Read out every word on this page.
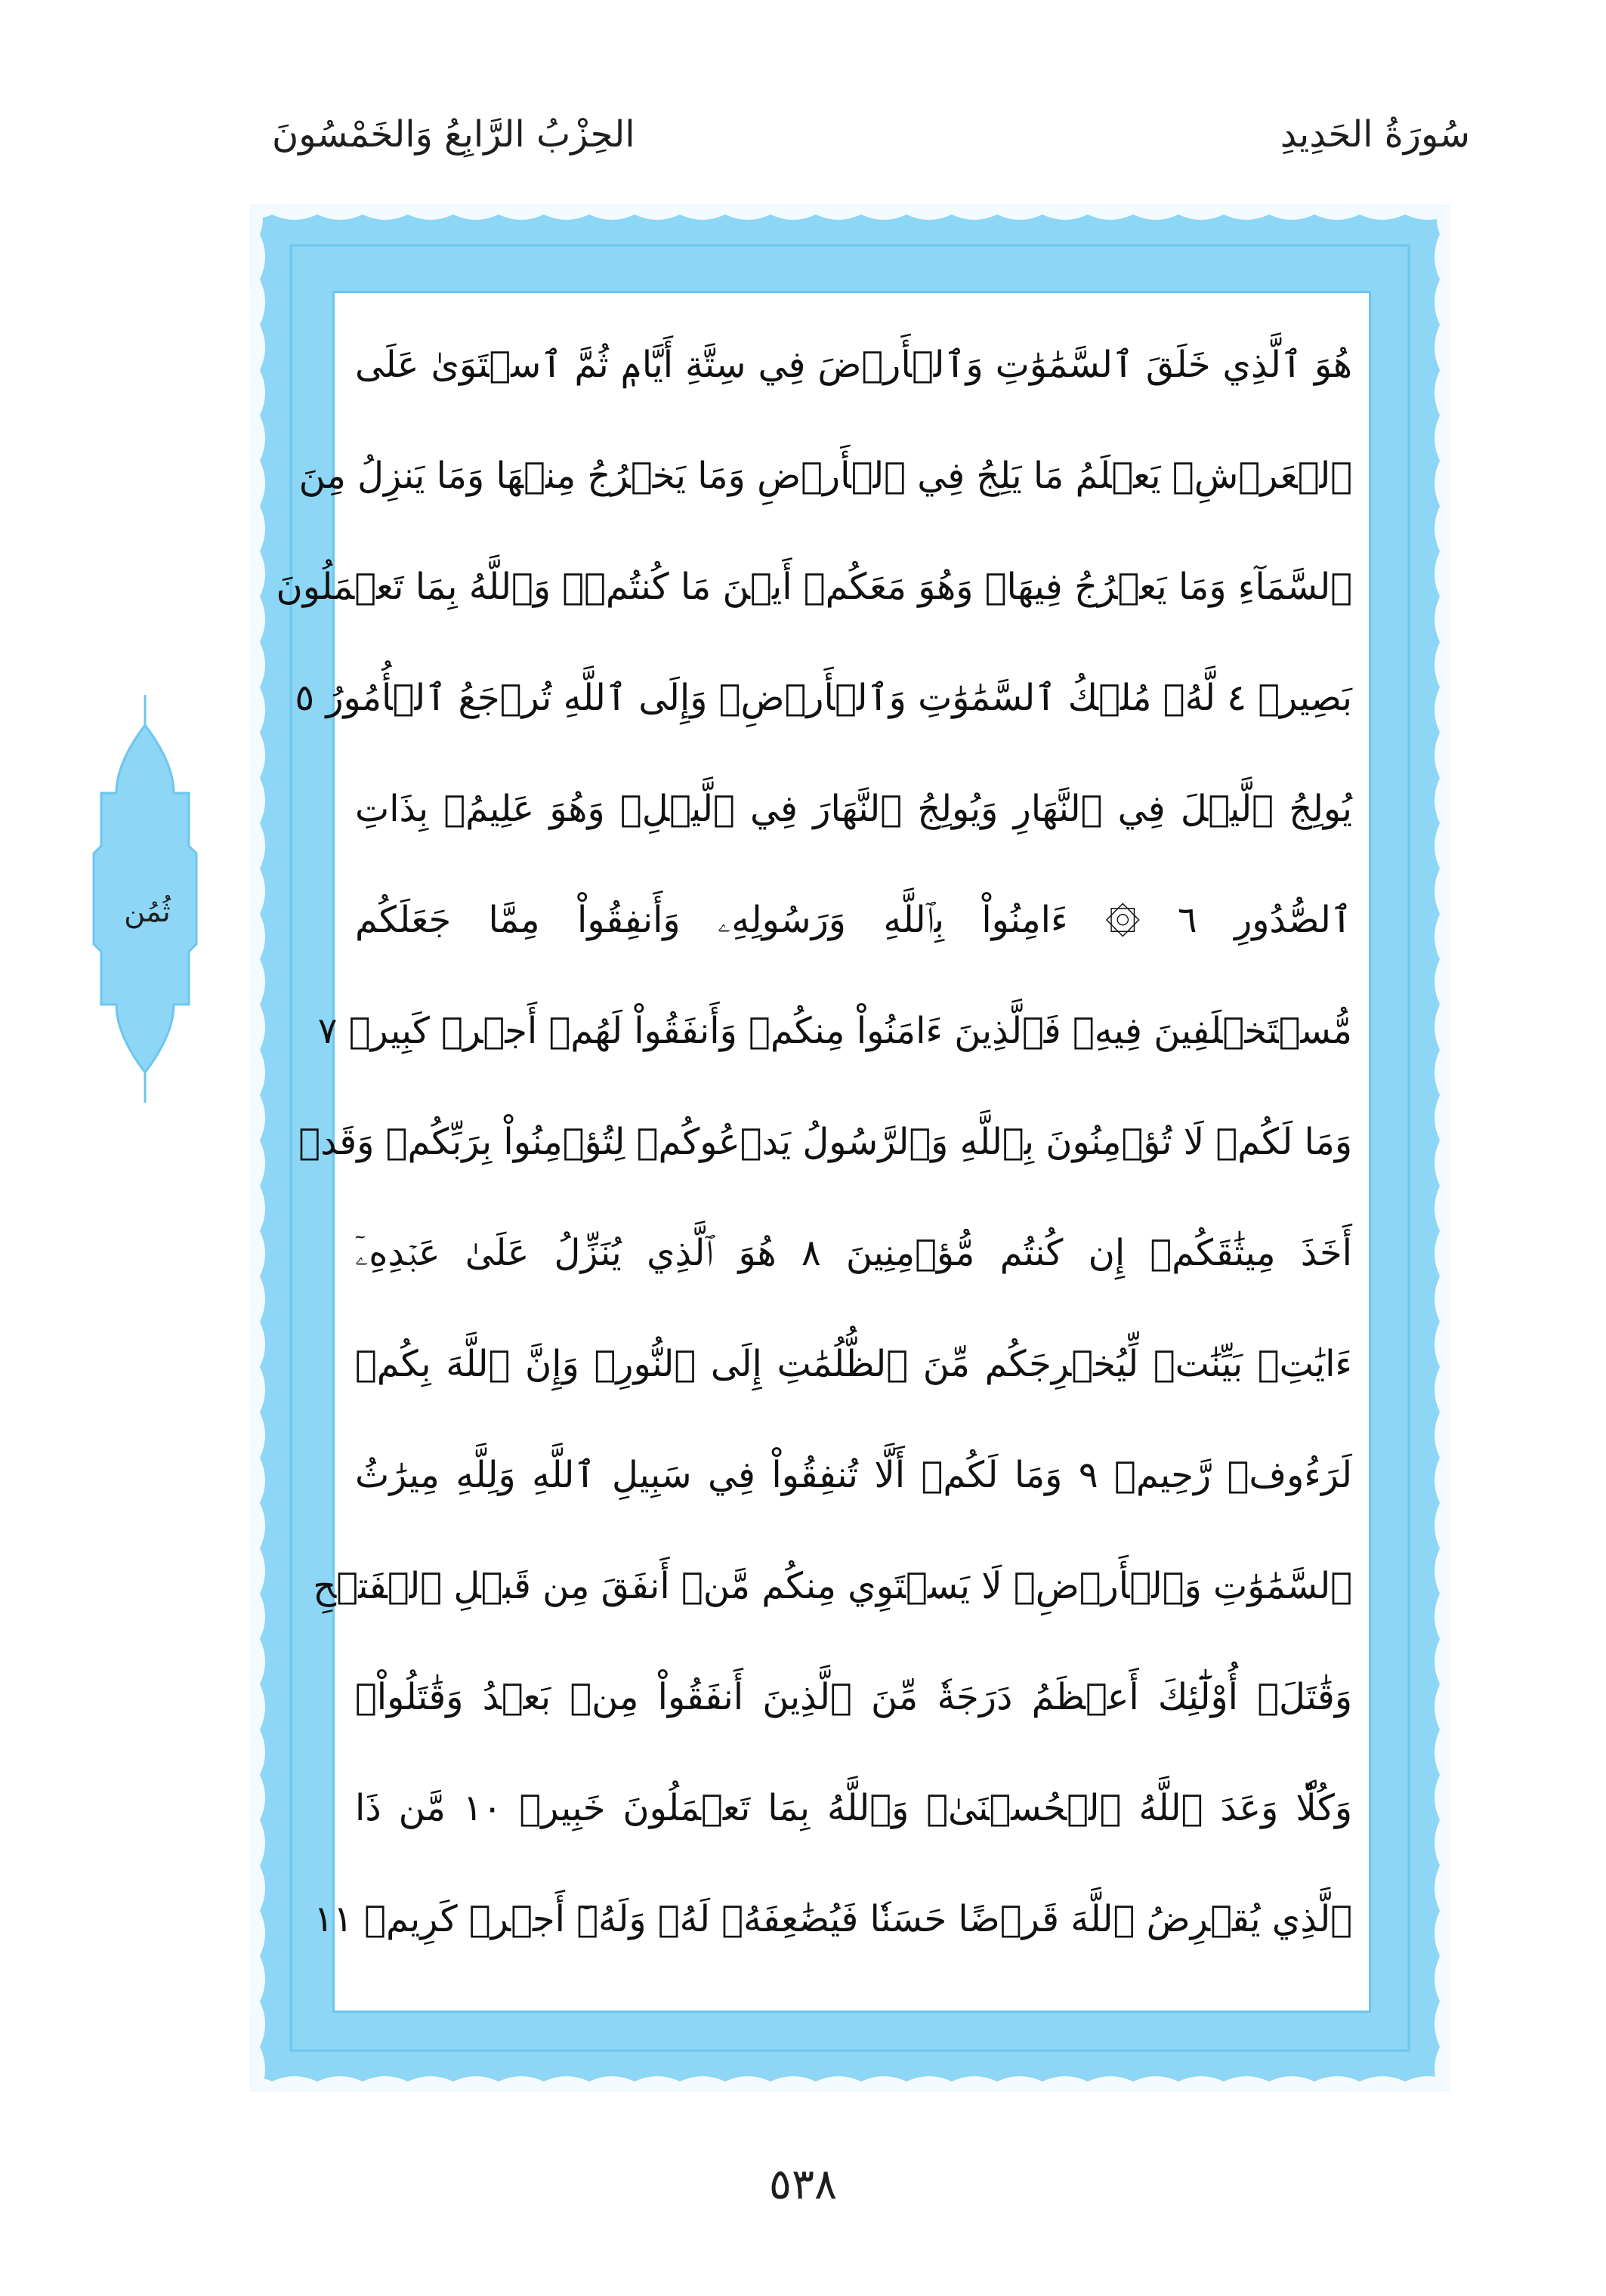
سُورَةُ الحَدِيدِ
الحِزْبُ الرَّابِعُ وَالخَمْسُونَ
هُوَ ٱلَّذِي خَلَقَ ٱلسَّمَٰوَٰتِ وَٱلۡأَرۡضَ فِي سِتَّةِ أَيَّامٖ ثُمَّ ٱسۡتَوَىٰ عَلَى
ٱلۡعَرۡشِۖ يَعۡلَمُ مَا يَلِجُ فِي ٱلۡأَرۡضِ وَمَا يَخۡرُجُ مِنۡهَا وَمَا يَنزِلُ مِنَ
ٱلسَّمَآءِ وَمَا يَعۡرُجُ فِيهَاۖ وَهُوَ مَعَكُمۡ أَيۡنَ مَا كُنتُمۡۚ وَٱللَّهُ بِمَا تَعۡمَلُونَ
بَصِيرٞ ٤ لَّهُۥ مُلۡكُ ٱلسَّمَٰوَٰتِ وَٱلۡأَرۡضِۚ وَإِلَى ٱللَّهِ تُرۡجَعُ ٱلۡأُمُورُ ٥
يُولِجُ ٱلَّيۡلَ فِي ٱلنَّهَارِ وَيُولِجُ ٱلنَّهَارَ فِي ٱلَّيۡلِۚ وَهُوَ عَلِيمُۢ بِذَاتِ
ٱلصُّدُورِ ٦ ۞ ءَامِنُواْ بِٱللَّهِ وَرَسُولِهِۦ وَأَنفِقُواْ مِمَّا جَعَلَكُم
مُّسۡتَخۡلَفِينَ فِيهِۖ فَٱلَّذِينَ ءَامَنُواْ مِنكُمۡ وَأَنفَقُواْ لَهُمۡ أَجۡرٞ كَبِيرٞ ٧
وَمَا لَكُمۡ لَا تُؤۡمِنُونَ بِٱللَّهِ وَٱلرَّسُولُ يَدۡعُوكُمۡ لِتُؤۡمِنُواْ بِرَبِّكُمۡ وَقَدۡ
أَخَذَ مِيثَٰقَكُمۡ إِن كُنتُم مُّؤۡمِنِينَ ٨ هُوَ ٱلَّذِي يُنَزِّلُ عَلَىٰ عَبۡدِهِۦٓ
ءَايَٰتِۭ بَيِّنَٰتٖ لِّيُخۡرِجَكُم مِّنَ ٱلظُّلُمَٰتِ إِلَى ٱلنُّورِۚ وَإِنَّ ٱللَّهَ بِكُمۡ
لَرَءُوفٞ رَّحِيمٞ ٩ وَمَا لَكُمۡ أَلَّا تُنفِقُواْ فِي سَبِيلِ ٱللَّهِ وَلِلَّهِ مِيرَٰثُ
ٱلسَّمَٰوَٰتِ وَٱلۡأَرۡضِۚ لَا يَسۡتَوِي مِنكُم مَّنۡ أَنفَقَ مِن قَبۡلِ ٱلۡفَتۡحِ
وَقَٰتَلَۚ أُوْلَٰٓئِكَ أَعۡظَمُ دَرَجَةٗ مِّنَ ٱلَّذِينَ أَنفَقُواْ مِنۢ بَعۡدُ وَقَٰتَلُواْۚ
وَكُلّٗا وَعَدَ ٱللَّهُ ٱلۡحُسۡنَىٰۚ وَٱللَّهُ بِمَا تَعۡمَلُونَ خَبِيرٞ ١٠ مَّن ذَا
ٱلَّذِي يُقۡرِضُ ٱللَّهَ قَرۡضًا حَسَنٗا فَيُضَٰعِفَهُۥ لَهُۥ وَلَهُۥٓ أَجۡرٞ كَرِيمٞ ١١
ثُمُن
٥٣٨
